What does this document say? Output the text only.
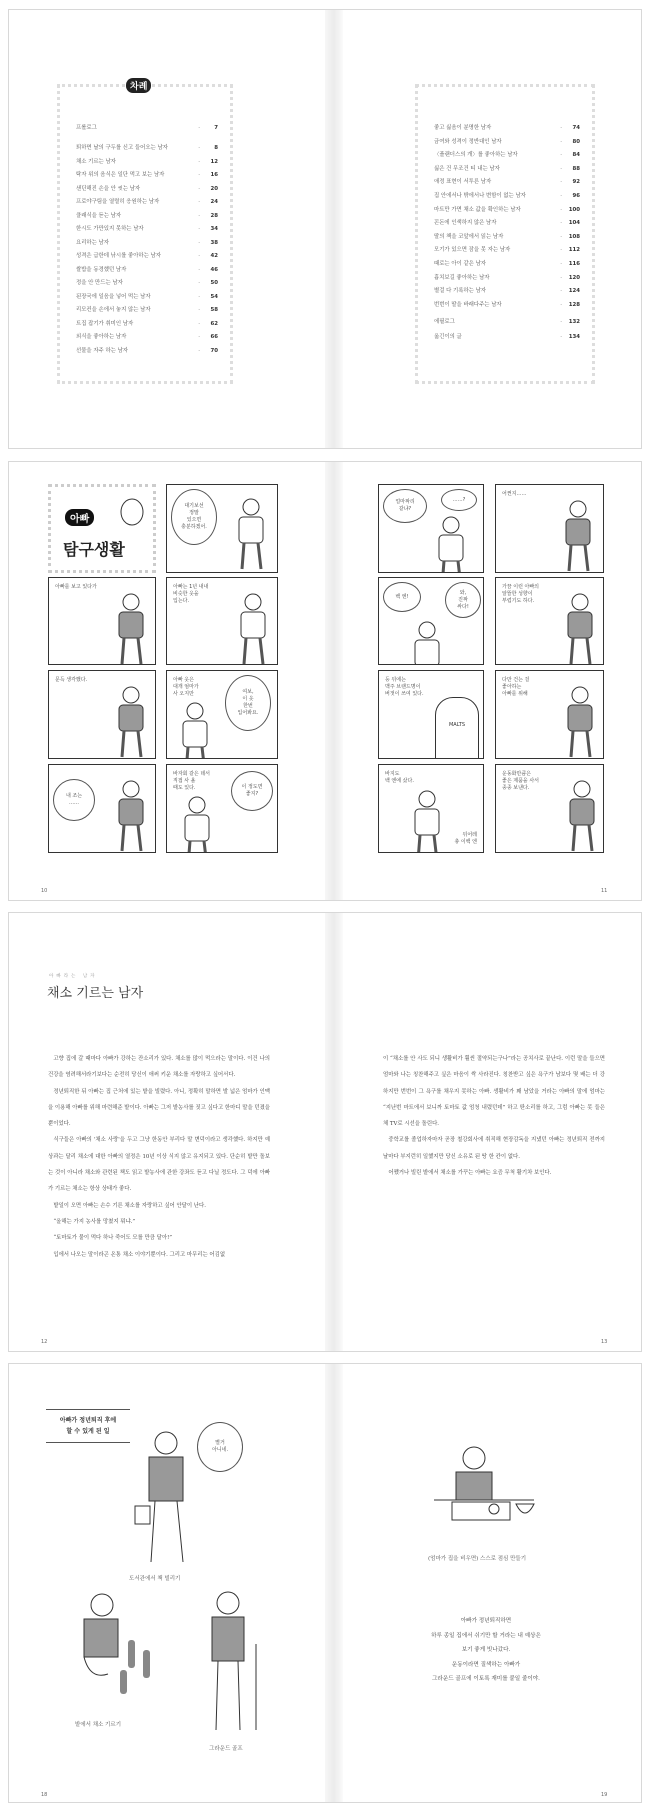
차례
프롤로그	·	7
퇴하면 날의 구두를 신고 들어오는 남자	·	8
채소 기르는 남자	· 12
탁자 위의 음식은 일단 먹고 보는 남자	· 16
샌딘해진 손을 안 씻는 남자	· 20
프로야구팀을 열렬히 응원하는 남자	· 24
클래식을 듣는 남자	· 28
한시도 가만있지 못하는 남자	· 34
요리하는 남자	· 38
성격은 급한데 낚시를 좋아하는 남자	· 42
쌀밥을 동경했던 남자	· 46
정을 안 만드는 남자	· 50
된장국에 일음을 넣어 먹는 남자	· 54
리모컨을 손에서 놓지 않는 남자	· 58
트집 잡기가 취미인 남자	· 62
외식을 좋아하는 남자	· 66
선물을 자주 하는 남자	· 70
좋고 싫음이 분명한 남자	· 74
금여와 성격이 정반대인 남자	· 80
〈플랜더스의 개〉를 좋아하는 남자	· 84
싫은 건 무조건 티 내는 남자	· 88
애정 표현이 서투른 남자	· 92
집 안에서나 밖에서나 변함이 없는 남자	· 96
마트만 가면 채소 값을 확인하는 남자	· 100
꼰돈에 인색하지 않은 남자	· 104
딸의 책을 코앞에서 읽는 남자	· 108
모기가 있으면 잠을 못 자는 남자	· 112
때로는 아이 같은 남자	· 116
흉치보길 좋아하는 남자	· 120
별걸 다 기록하는 남자	· 124
번번이 딸을 바래다주는 남자	· 128
에필로그	· 132
옮긴이의 글	· 134
10	11
아빠
탐구생활
대기보선
정말
있으면
충분하겠어.
아빠를 보고 있다가	아빠는 1년 내내
비슷한 옷을
입는다.
문득 생각했다.	아빠 옷은
대개 엄마가
사 오지만	여보,
이 옷
한번
입어봐요.
내 조는
……
바자회 같은 데서
직접 사 올
때도 있다.	이 정도면
좋지?
얼마짜리
같냐?
……?
어쩐지……
백 엔!
와,
진짜
싸다!
가끔 이런 아빠의
알뜰한 성향이
부럽기도 하다.
MALTS
등 뒤에는
맥주 브랜드명이
버젓이 쓰여 있다.
다만 건는 걸
좋아하는
아빠를 위해
바지도
백 엔에 샀다.
뒤어레
총 이백 엔
운동화만큼은
좋은 제품을 사서
종종 보낸다.
아빠라는 남자
채소 기르는 남자

고향 집에 갈 때마다 아빠가 강하는 잔소리가 있다. 채소를 많이 먹으라는 말이다. 이건 나의 건강을 염려해서라기보다는 순전히 당신이 애써 키운 채소를 자랑하고 싶어서다.

정년퇴직한 뒤 아빠는 집 근처에 있는 밭을 빌렸다. 아니, 정확히 말하면 발 넓은 엄마가 인맥을 이용해 아빠를 위해 마련해준 밭이다. 아빠는 그저 밭농사를 짓고 싶다고 한마디 말을 던졌을 뿐이었다.

식구들은 아빠의 '채소 사랑'을 두고 그냥 한동안 부리다 말 변덕이라고 생각했다. 하지만 예상과는 달리 채소에 대한 아빠의 열정은 10년 이상 식지 않고 유지되고 있다. 단순히 밭만 돌보는 것이 아니라 채소와 관련된 책도 읽고 밭농사에 관한 강좌도 듣고 다닐 정도다. 그 덕에 아빠가 기르는 채소는 항상 상태가 좋다.

밭일이 오면 아빠는 손수 기른 채소를 자랑하고 싶어 안달이 난다.

“올해는 가지 농사를 망쳤지 뭐냐.”

“토마토가 물이 먹다 하나 죽어도 모를 만큼 달아!”

입에서 나오는 말이라곤 온통 채소 이야기뿐이다. 그리고 마무리는 어김없

이 “채소를 안 사도 되니 생활비가 훨씬 절약되는구나”라는 공치사로 끝난다. 이런 말을 들으면 엄마와 나는 칭찬해주고 싶은 마음이 싹 사라진다. 칭찬받고 싶은 욕구가 남보다 몇 배는 더 강하지만 번번이 그 욕구를 채우지 못하는 아빠. 생활비가 꽤 남았을 거라는 아빠의 말에 엄마는 “지난번 마트에서 보니까 토마토 값 엄청 내렸던데” 하고 딴소리를 하고, 그럼 아빠는 못 들은 체 TV로 시선을 돌린다.

중학교를 졸업하자마자 곧장 철강회사에 취직해 현장감독을 지냈던 아빠는 정년퇴직 전까지 날마다 부지런히 일했지만 당신 소유로 된 땅 한 칸이 없다.

어쨌거나 빌린 밭에서 채소를 가꾸는 아빠는 요즘 무척 활기차 보인다.

12	13
아빠가 정년퇴직 후에
할 수 있게 된 일
별거
아니네.
도서관에서 책 빌리기
밭에서 채소 기르기
그라운드 골프
(엄마가 집을 비우면) 스스로 점심 만들기
아빠가 정년퇴직하면
하루 종일 집에서 쉬기만 할 거라는 내 예상은
보기 좋게 빗나갔다.
운동이라면 질색하는 아빠가
그라운드 골프에 이토록 재미를 붙일 줄이야.
18	19
